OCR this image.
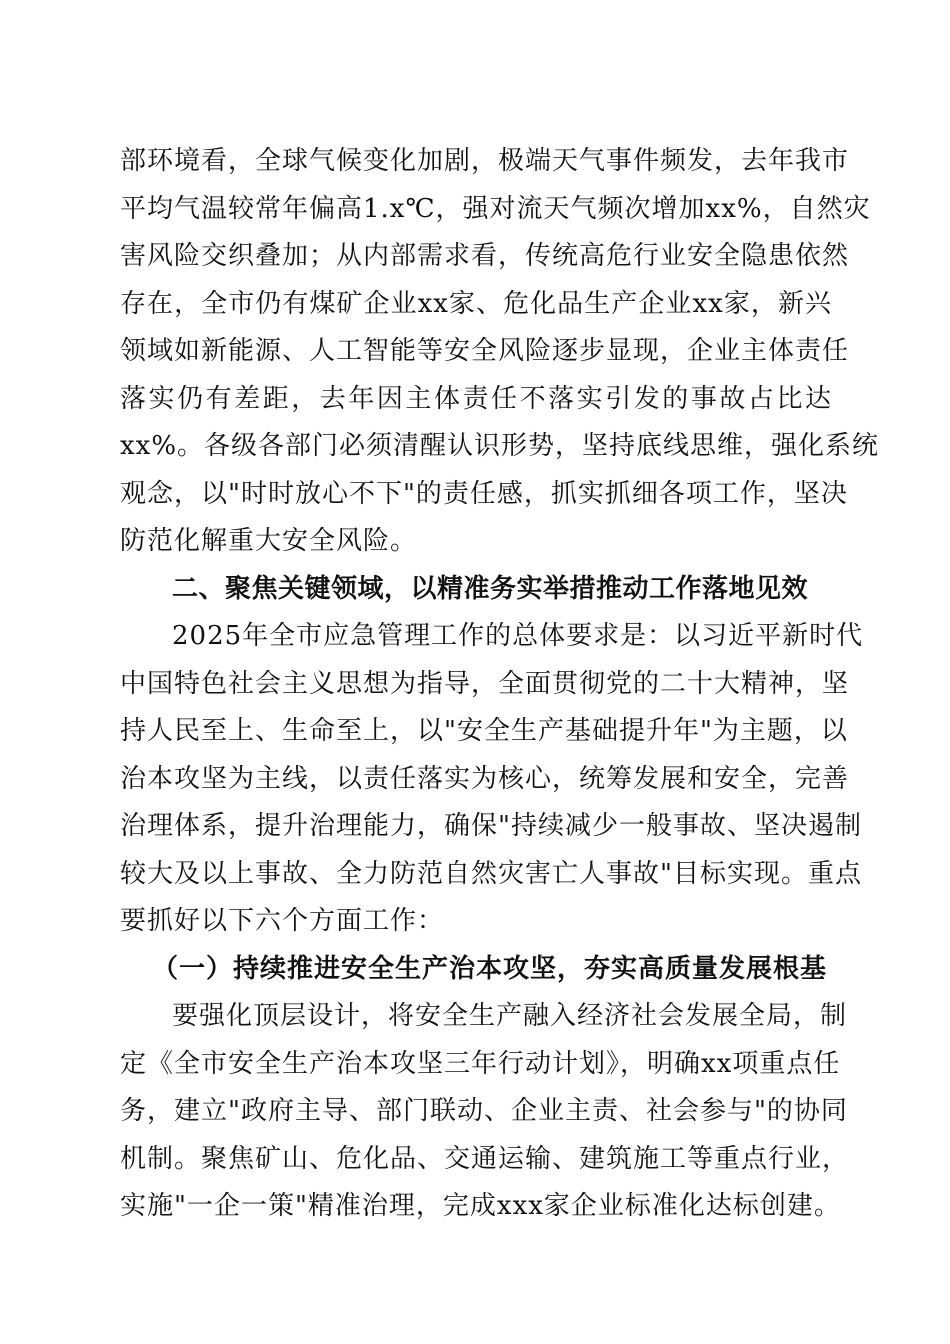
部环境看，全球气候变化加剧，极端天气事件频发，去年我市
平均气温较常年偏高1.x℃，强对流天气频次增加xx%，自然灾
害风险交织叠加；从内部需求看，传统高危行业安全隐患依然
存在，全市仍有煤矿企业xx家、危化品生产企业xx家，新兴
领域如新能源、人工智能等安全风险逐步显现，企业主体责任
落实仍有差距，去年因主体责任不落实引发的事故占比达
xx%。各级各部门必须清醒认识形势，坚持底线思维，强化系统
观念，以"时时放心不下"的责任感，抓实抓细各项工作，坚决
防范化解重大安全风险。
二、聚焦关键领域，以精准务实举措推动工作落地见效
2025年全市应急管理工作的总体要求是：以习近平新时代
中国特色社会主义思想为指导，全面贯彻党的二十大精神，坚
持人民至上、生命至上，以"安全生产基础提升年"为主题，以
治本攻坚为主线，以责任落实为核心，统筹发展和安全，完善
治理体系，提升治理能力，确保"持续减少一般事故、坚决遏制
较大及以上事故、全力防范自然灾害亡人事故"目标实现。重点
要抓好以下六个方面工作：
（一）持续推进安全生产治本攻坚，夯实高质量发展根基
要强化顶层设计，将安全生产融入经济社会发展全局，制
定《全市安全生产治本攻坚三年行动计划》，明确xx项重点任
务，建立"政府主导、部门联动、企业主责、社会参与"的协同
机制。聚焦矿山、危化品、交通运输、建筑施工等重点行业，
实施"一企一策"精准治理，完成xxx家企业标准化达标创建。
